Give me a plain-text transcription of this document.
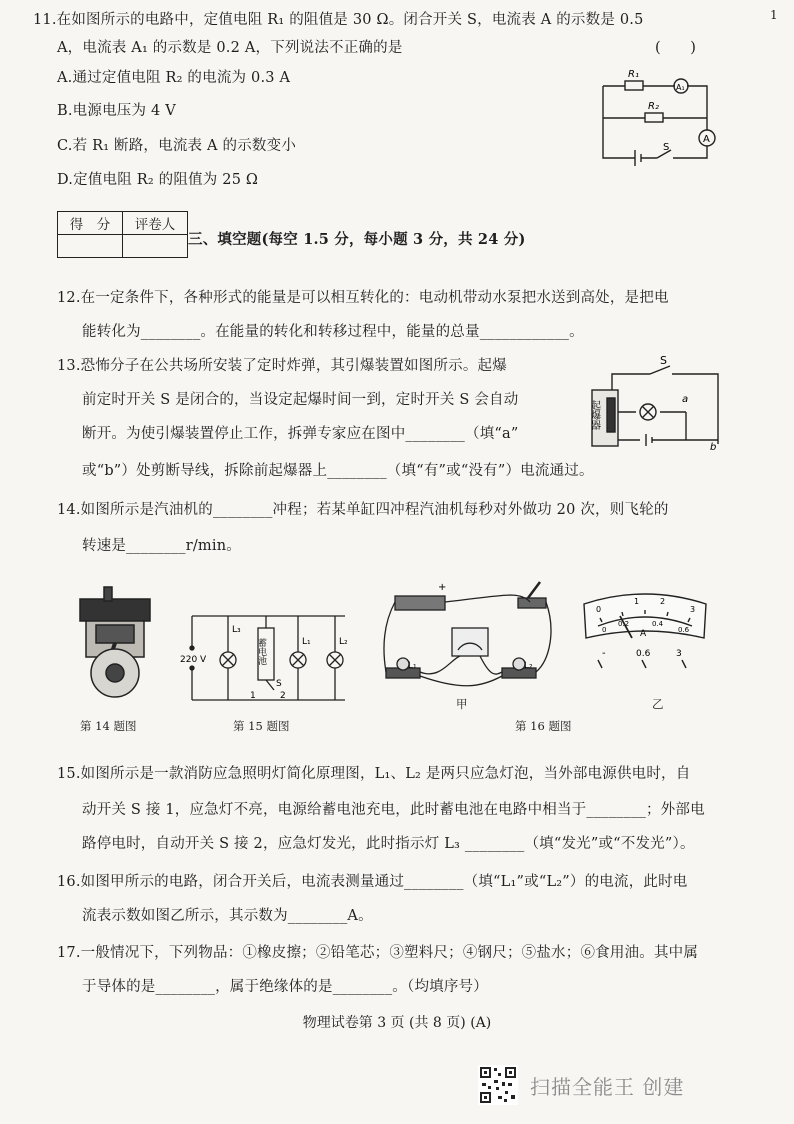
1
11.在如图所示的电路中，定值电阻 R₁ 的阻值是 30 Ω。闭合开关 S，电流表 A 的示数是 0.5
A，电流表 A₁ 的示数是 0.2 A，下列说法不正确的是	(　　)
A.通过定值电阻 R₂ 的电流为 0.3 A
B.电源电压为 4 V
C.若 R₁ 断路，电流表 A 的示数变小
D.定值电阻 R₂ 的阻值为 25 Ω
R₁
R₂
A₁
A
S
得　分	评卷人

三、填空题(每空 1.5 分，每小题 3 分，共 24 分)
12.在一定条件下，各种形式的能量是可以相互转化的：电动机带动水泵把水送到高处，是把电
能转化为________。在能量的转化和转移过程中，能量的总量____________。
13.恐怖分子在公共场所安装了定时炸弹，其引爆装置如图所示。起爆
前定时开关 S 是闭合的，当设定起爆时间一到，定时开关 S 会自动
断开。为使引爆装置停止工作，拆弹专家应在图中________（填“a”
或“b”）处剪断导线，拆除前起爆器上________（填“有”或“没有”）电流通过。
起爆器
S
a
b
14.如图所示是汽油机的________冲程；若某单缸四冲程汽油机每秒对外做功 20 次，则飞轮的
转速是________r/min。
第 14 题图
220 V
L₃
蓄电池	L₁	L₂
S
1	2
第 15 题图
+
L₁	L₂
甲
第 16 题图
0
1	2
3
0
0.2	0.4
0.6
A
-	0.6	3
乙
15.如图所示是一款消防应急照明灯简化原理图，L₁、L₂ 是两只应急灯泡，当外部电源供电时，自
动开关 S 接 1，应急灯不亮，电源给蓄电池充电，此时蓄电池在电路中相当于________；外部电
路停电时，自动开关 S 接 2，应急灯发光，此时指示灯 L₃ ________（填“发光”或“不发光”）。
16.如图甲所示的电路，闭合开关后，电流表测量通过________（填“L₁”或“L₂”）的电流，此时电
流表示数如图乙所示，其示数为________A。
17.一般情况下，下列物品：①橡皮擦；②铅笔芯；③塑料尺；④钢尺；⑤盐水；⑥食用油。其中属
于导体的是________，属于绝缘体的是________。（均填序号）
物理试卷第 3 页 (共 8 页) (A)
扫描全能王 创建
